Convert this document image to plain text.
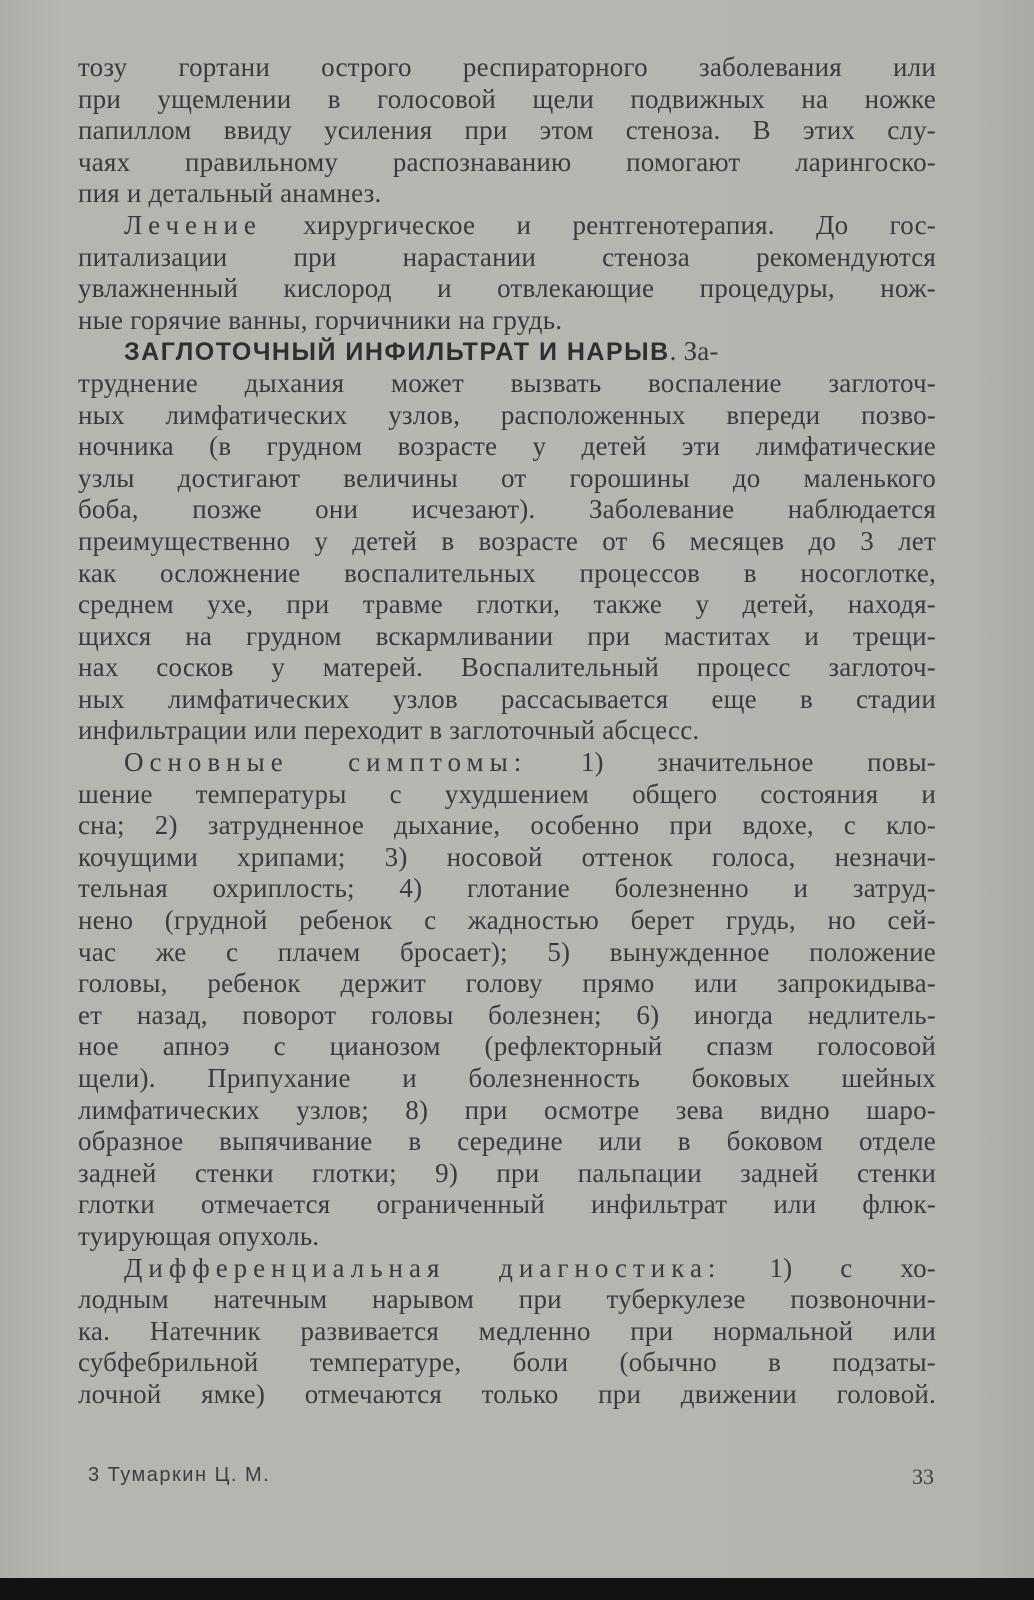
тозу гортани острого респираторного заболевания или
при ущемлении в голосовой щели подвижных на ножке
папиллом ввиду усиления при этом стеноза. В этих слу-
чаях правильному распознаванию помогают ларингоско-
пия и детальный анамнез.
Лечение хирургическое и рентгенотерапия. До гос-
питализации при нарастании стеноза рекомендуются
увлажненный кислород и отвлекающие процедуры, нож-
ные горячие ванны, горчичники на грудь.
ЗАГЛОТОЧНЫЙ ИНФИЛЬТРАТ И НАРЫВ. За-
труднение дыхания может вызвать воспаление заглоточ-
ных лимфатических узлов, расположенных впереди позво-
ночника (в грудном возрасте у детей эти лимфатические
узлы достигают величины от горошины до маленького
боба, позже они исчезают). Заболевание наблюдается
преимущественно у детей в возрасте от 6 месяцев до 3 лет
как осложнение воспалительных процессов в носоглотке,
среднем ухе, при травме глотки, также у детей, находя-
щихся на грудном вскармливании при маститах и трещи-
нах сосков у матерей. Воспалительный процесс заглоточ-
ных лимфатических узлов рассасывается еще в стадии
инфильтрации или переходит в заглоточный абсцесс.
Основные симптомы: 1) значительное повы-
шение температуры с ухудшением общего состояния и
сна; 2) затрудненное дыхание, особенно при вдохе, с кло-
кочущими хрипами; 3) носовой оттенок голоса, незначи-
тельная охриплость; 4) глотание болезненно и затруд-
нено (грудной ребенок с жадностью берет грудь, но сей-
час же с плачем бросает); 5) вынужденное положение
головы, ребенок держит голову прямо или запрокидыва-
ет назад, поворот головы болезнен; 6) иногда недлитель-
ное апноэ с цианозом (рефлекторный спазм голосовой
щели). Припухание и болезненность боковых шейных
лимфатических узлов; 8) при осмотре зева видно шаро-
образное выпячивание в середине или в боковом отделе
задней стенки глотки; 9) при пальпации задней стенки
глотки отмечается ограниченный инфильтрат или флюк-
туирующая опухоль.
Дифференциальная диагностика: 1) с хо-
лодным натечным нарывом при туберкулезе позвоночни-
ка. Натечник развивается медленно при нормальной или
субфебрильной температуре, боли (обычно в подзаты-
лочной ямке) отмечаются только при движении головой.
3 Тумаркин Ц. М.	33
